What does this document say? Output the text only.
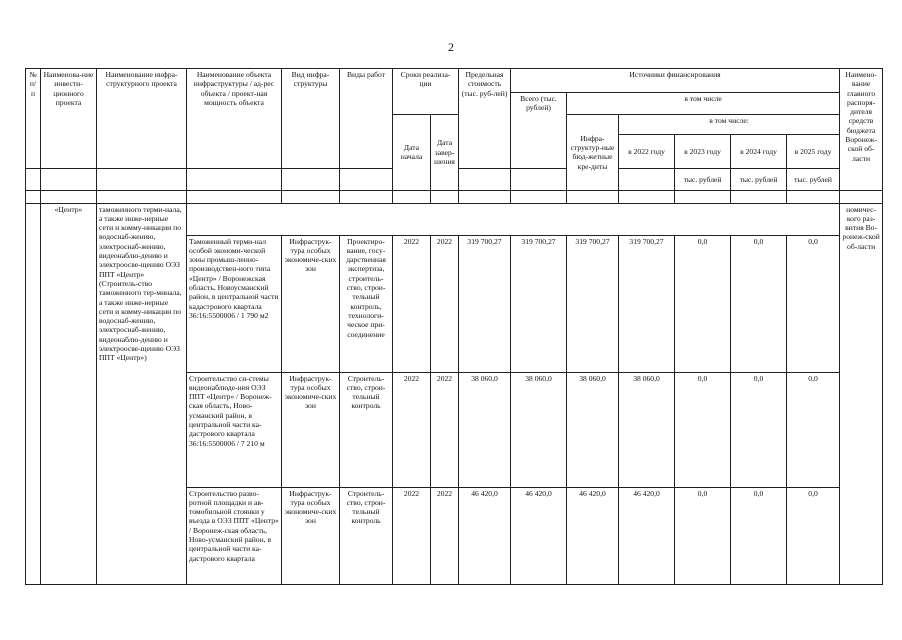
2
№ п/п	Наименова-ние инвести-ционного проекта	Наименование инфра-структурного проекта	Наименование объекта инфраструктуры / ад-рес объекта / проект-ная мощность объекта	Вид инфра-структуры	Виды работ	Сроки реализа-ции		Предельная стоимость (тыс. руб-лей)	Источники финансирования						Наимено-вание главного распоря-дителя средств бюджета Воронеж-ской об-ласти	
									Всего (тыс. рублей)	в том числе						
						Дата начала	Дата завер-шения			Инфра-структур-ные бюд-жетные кре-диты	в том числе:					
											в 2022 году	в 2023 году	в 2024 году	в 2025 году		
												тыс. рублей	тыс. рублей	тыс. рублей			

	«Центр»	таможенного терми-нала, а также инже-нерные сети и комму-никации по водоснаб-жению, электроснаб-жению, видеонаблю-дению и электроосве-щению ОЭЗ ППТ «Центр» (Строитель-ство таможенного тер-минала, а также инже-нерные сети и комму-никации по водоснаб-жению, электроснаб-жению, видеонаблю-дению и электроосве-щению ОЭЗ ППТ «Центр»)													номичес-кого раз-вития Во-ронеж-ской об-ласти	
			Таможенный терми-нал особой экономи-ческой зоны промыш-ленно-производствен-ного типа «Центр» / Воронежская область, Новоусманский район, в центральной части кадастрового квартала 36:16:5500006 / 1 790 м2	Инфраструк-тура особых экономиче-ских зон	Проектиро-вание, госу-дарственная экспертиза, строитель-ство, строи-тельный контроль, технологи-ческое при-соединение	2022	2022	319 700,27	319 700,27	319 700,27	319 700,27	0,0	0,0	0,0		
			Строительство си-стемы видеонаблюде-ния ОЭЗ ППТ «Центр» / Воронеж-ская область, Ново-усманский район, в центральной части ка-дастрового квартала 36:16:5500006 / 7 210 м	Инфраструк-тура особых экономиче-ских зон	Строитель-ство, строи-тельный контроль	2022	2022	38 060,0	38 060,0	38 060,0	38 060,0	0,0	0,0	0,0		
			Строительство разво-ротной площадки и ав-томобильной стоянки у въезда в ОЭЗ ППТ «Центр» / Воронеж-ская область, Ново-усманский район, в центральной части ка-дастрового квартала	Инфраструк-тура особых экономиче-ских зон	Строитель-ство, строи-тельный контроль	2022	2022	46 420,0	46 420,0	46 420,0	46 420,0	0,0	0,0	0,0		
